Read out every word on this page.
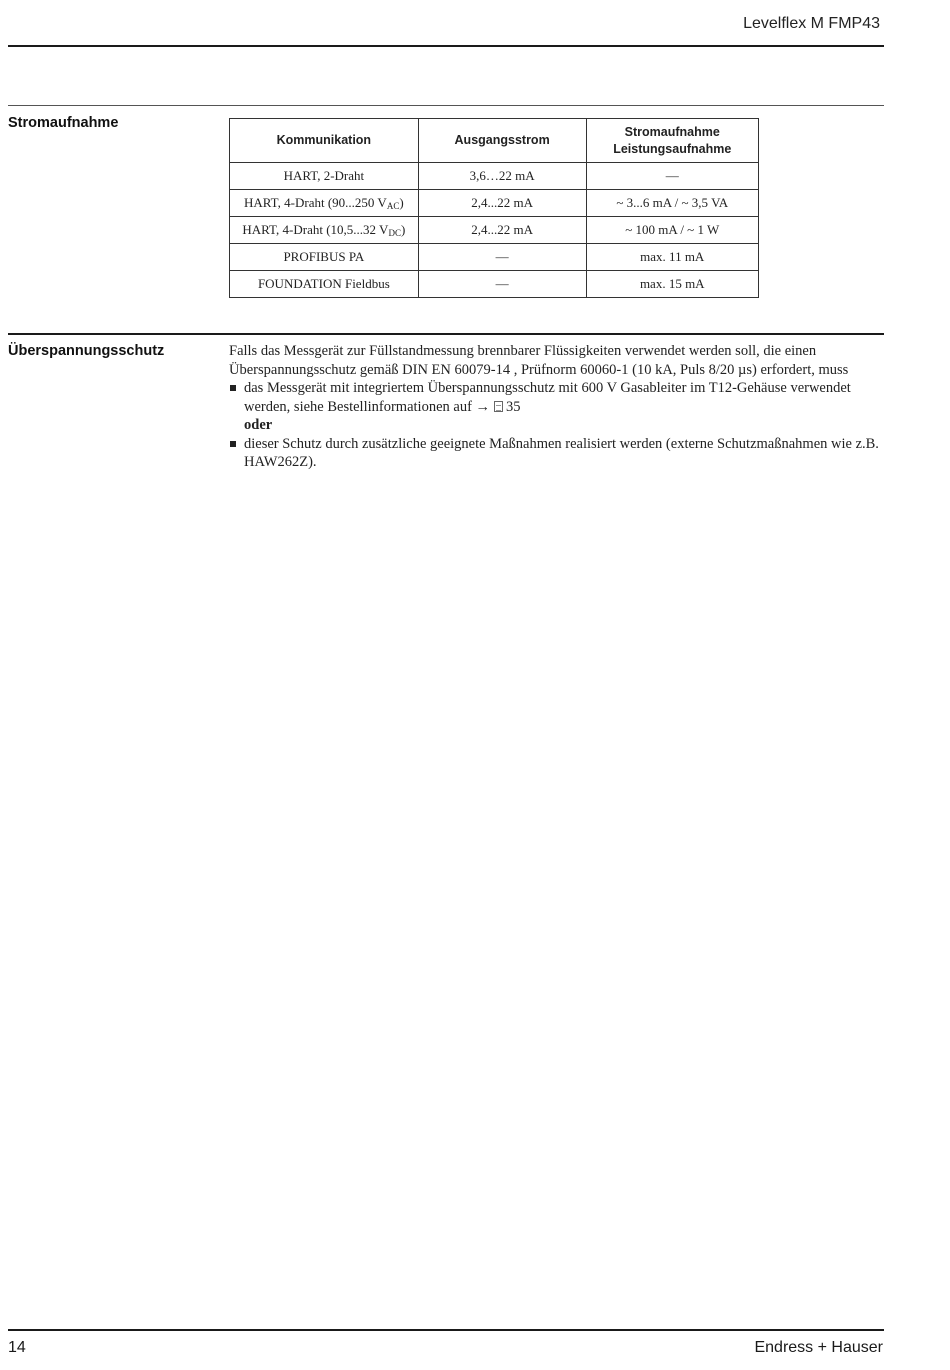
Levelflex M FMP43
Stromaufnahme
Kommunikation	Ausgangsstrom	Stromaufnahme
Leistungsaufnahme
HART, 2-Draht	3,6…22 mA	—
HART, 4-Draht (90...250 $V_{AC}$)	2,4...22 mA	~ 3...6 mA / ~ 3,5 VA
HART, 4-Draht (10,5...32 $V_{DC}$)	2,4...22 mA	~ 100 mA / ~ 1 W
PROFIBUS PA	—	max. 11 mA
FOUNDATION Fieldbus	—	max. 15 mA
Überspannungsschutz	Falls das Messgerät zur Füllstandmessung brennbarer Flüssigkeiten verwendet werden soll, die einen Überspannungsschutz gemäß DIN EN 60079-14 , Prüfnorm 60060-1 (10 kA, Puls 8/20 µs) erfordert, muss

das Messgerät mit integriertem Überspannungsschutz mit 600 V Gasableiter im T12-Gehäuse verwendet werden, siehe Bestellinformationen auf → 35
oder
dieser Schutz durch zusätzliche geeignete Maßnahmen realisiert werden (externe Schutzmaßnahmen wie z.B. HAW262Z).
14	Endress + Hauser
